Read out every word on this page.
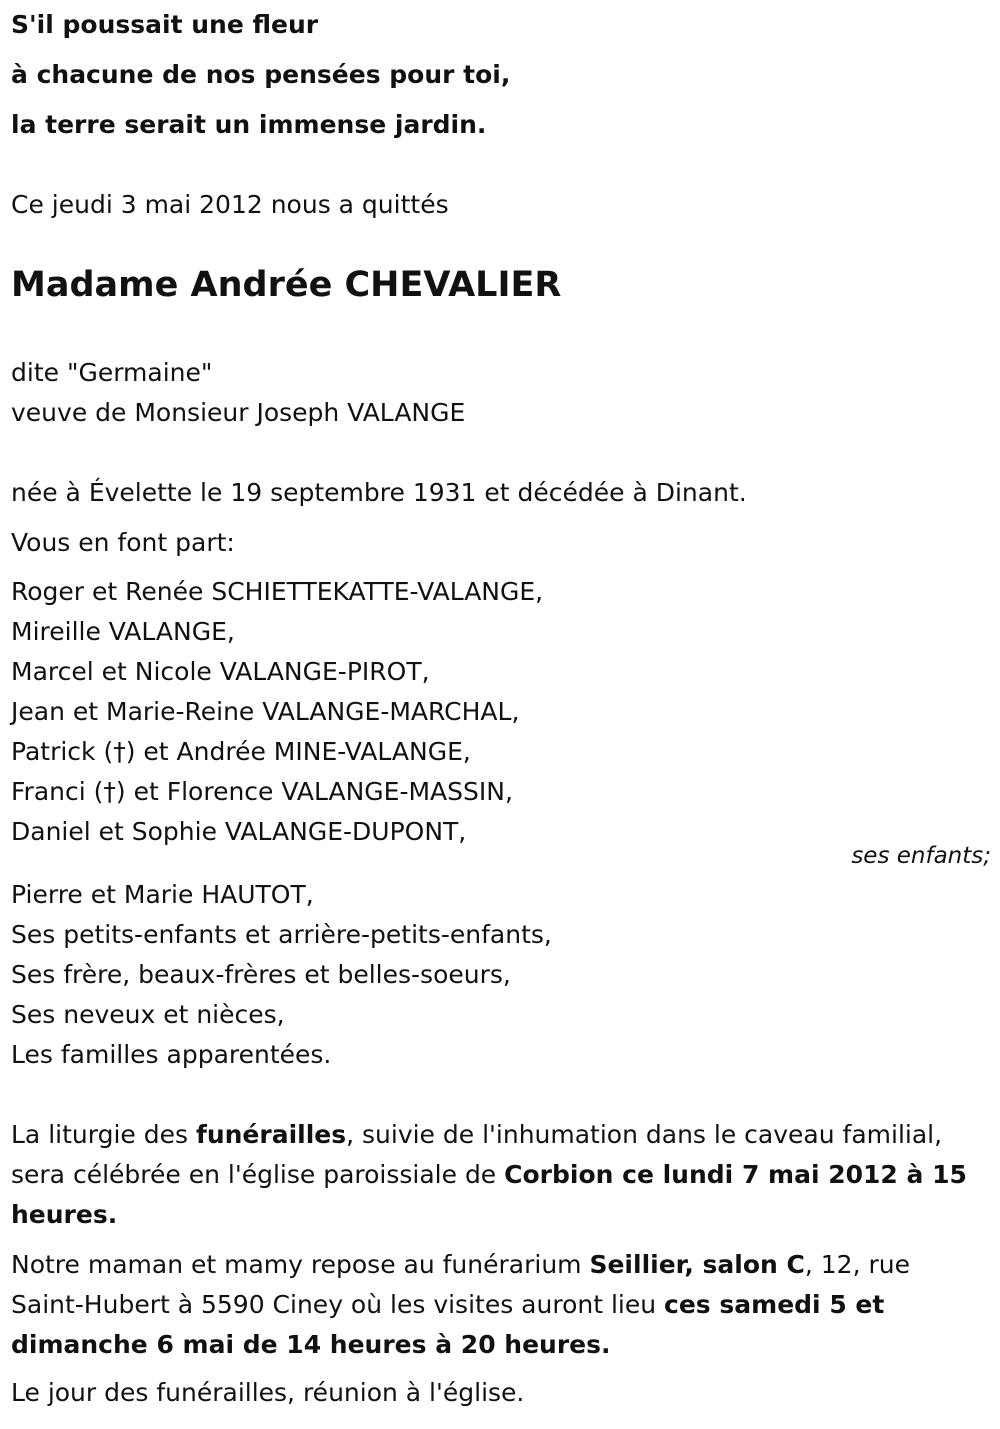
S'il poussait une fleur
à chacune de nos pensées pour toi,
la terre serait un immense jardin.
Ce jeudi 3 mai 2012 nous a quittés
Madame Andrée CHEVALIER
dite "Germaine"
veuve de Monsieur Joseph VALANGE
née à Évelette le 19 septembre 1931 et décédée à Dinant.
Vous en font part:
Roger et Renée SCHIETTEKATTE-VALANGE,
Mireille VALANGE,
Marcel et Nicole VALANGE-PIROT,
Jean et Marie-Reine VALANGE-MARCHAL,
Patrick (†) et Andrée MINE-VALANGE,
Franci (†) et Florence VALANGE-MASSIN,
Daniel et Sophie VALANGE-DUPONT,
ses enfants;
Pierre et Marie HAUTOT,
Ses petits-enfants et arrière-petits-enfants,
Ses frère, beaux-frères et belles-soeurs,
Ses neveux et nièces,
Les familles apparentées.
La liturgie des funérailles, suivie de l'inhumation dans le caveau familial, sera célébrée en l'église paroissiale de Corbion ce lundi 7 mai 2012 à 15 heures.
Notre maman et mamy repose au funérarium Seillier, salon C, 12, rue Saint-Hubert à 5590 Ciney où les visites auront lieu ces samedi 5 et dimanche 6 mai de 14 heures à 20 heures.
Le jour des funérailles, réunion à l'église.
